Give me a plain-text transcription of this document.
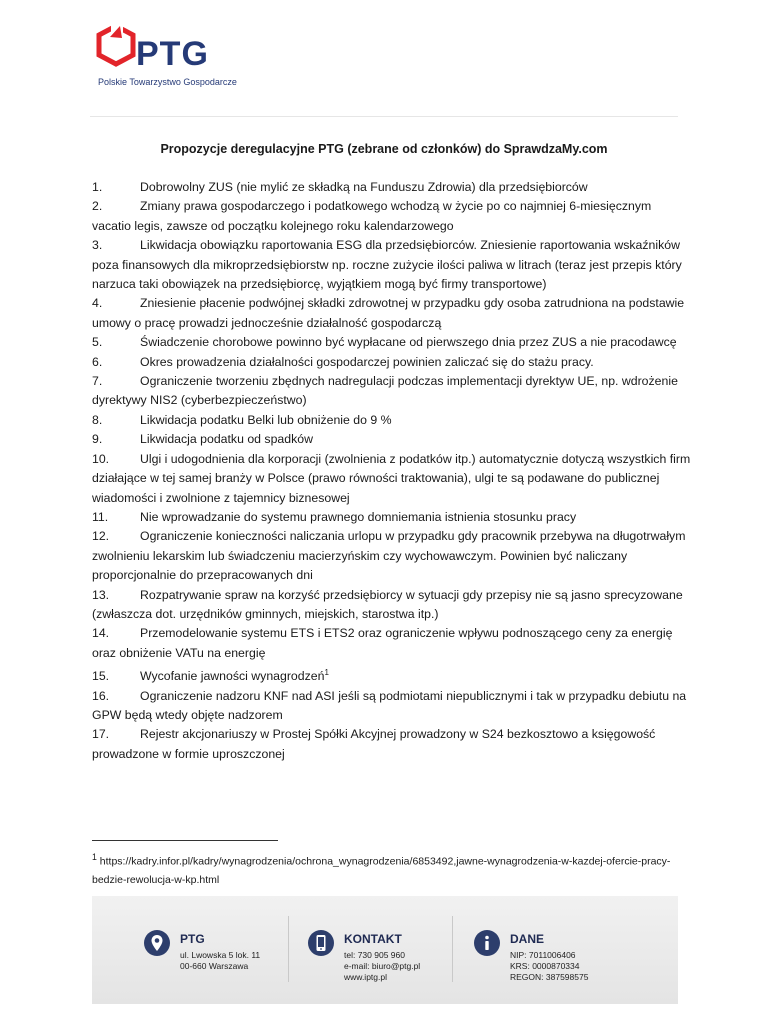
PTG
Polskie Towarzystwo Gospodarcze
Propozycje deregulacyjne PTG (zebrane od członków) do SprawdzaMy.com
1.	Dobrowolny ZUS (nie mylić ze składką na Funduszu Zdrowia) dla przedsiębiorców
2.	Zmiany prawa gospodarczego i podatkowego wchodzą w życie po co najmniej 6-miesięcznym vacatio legis, zawsze od początku kolejnego roku kalendarzowego
3.	Likwidacja obowiązku raportowania ESG dla przedsiębiorców. Zniesienie raportowania wskaźników poza finansowych dla mikroprzedsiębiorstw np. roczne zużycie ilości paliwa w litrach (teraz jest przepis który narzuca taki obowiązek na przedsiębiorcę, wyjątkiem mogą być firmy transportowe)
4.	Zniesienie płacenie podwójnej składki zdrowotnej w przypadku gdy osoba zatrudniona na podstawie umowy o pracę prowadzi jednocześnie działalność gospodarczą
5.	Świadczenie chorobowe powinno być wypłacane od pierwszego dnia przez ZUS a nie pracodawcę
6.	Okres prowadzenia działalności gospodarczej powinien zaliczać się do stażu pracy.
7.	Ograniczenie tworzeniu zbędnych nadregulacji podczas implementacji dyrektyw UE, np. wdrożenie dyrektywy NIS2 (cyberbezpieczeństwo)
8.	Likwidacja podatku Belki lub obniżenie do 9 %
9.	Likwidacja podatku od spadków
10.	Ulgi i udogodnienia dla korporacji (zwolnienia z podatków itp.) automatycznie dotyczą wszystkich firm działające w tej samej branży w Polsce (prawo równości traktowania), ulgi te są podawane do publicznej wiadomości i zwolnione z tajemnicy biznesowej
11.	Nie wprowadzanie do systemu prawnego domniemania istnienia stosunku pracy
12.	Ograniczenie konieczności naliczania urlopu w przypadku gdy pracownik przebywa na długotrwałym zwolnieniu lekarskim lub świadczeniu macierzyńskim czy wychowawczym. Powinien być naliczany proporcjonalnie do przepracowanych dni
13.	Rozpatrywanie spraw na korzyść przedsiębiorcy w sytuacji gdy przepisy nie są jasno sprecyzowane (zwłaszcza dot. urzędników gminnych, miejskich, starostwa itp.)
14.	Przemodelowanie systemu ETS i ETS2 oraz ograniczenie wpływu podnoszącego ceny za energię oraz obniżenie VATu na energię
15.	Wycofanie jawności wynagrodzeń$^1$
16.	Ograniczenie nadzoru KNF nad ASI jeśli są podmiotami niepublicznymi i tak w przypadku debiutu na GPW będą wtedy objęte nadzorem
17.	Rejestr akcjonariuszy w Prostej Spółki Akcyjnej prowadzony w S24 bezkosztowo a księgowość prowadzone w formie uproszczonej
$^1$ https://kadry.infor.pl/kadry/wynagrodzenia/ochrona_wynagrodzenia/6853492,jawne-wynagrodzenia-w-kazdej-ofercie-pracy-bedzie-rewolucja-w-kp.html
PTG
ul. Lwowska 5 lok. 11
00-660 Warszawa
KONTAKT
tel: 730 905 960
e-mail: biuro@ptg.pl
www.iptg.pl
DANE
NIP: 7011006406
KRS: 0000870334
REGON: 387598575
